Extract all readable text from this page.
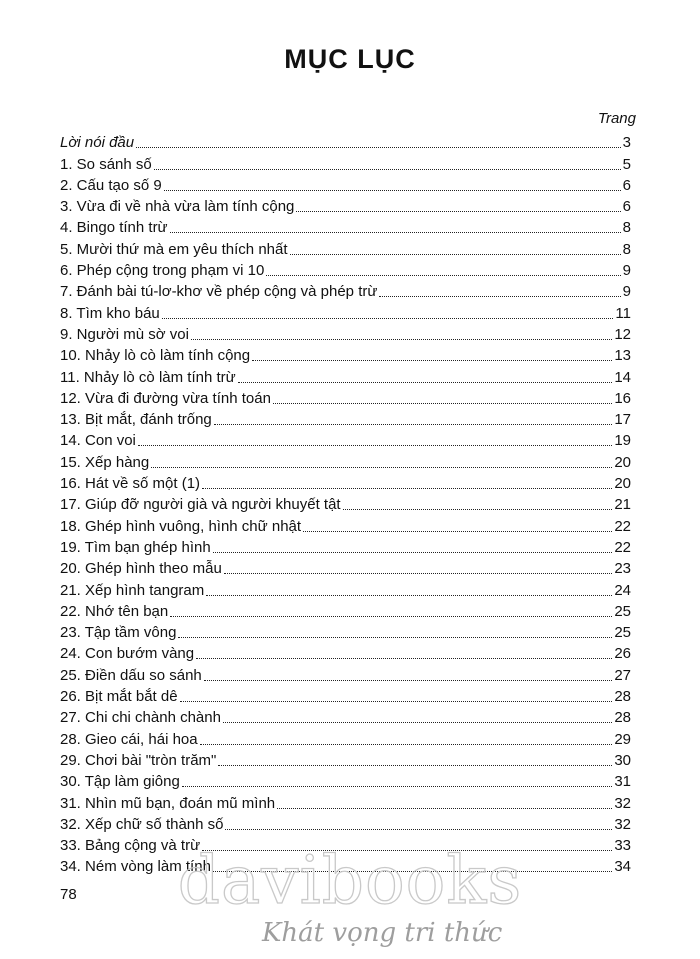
MỤC LỤC
Trang
Lời nói đầu	3
1. So sánh số	5
2. Cấu tạo số 9	6
3. Vừa đi về nhà vừa làm tính cộng	6
4. Bingo tính trừ	8
5. Mười thứ mà em yêu thích nhất	8
6. Phép cộng trong phạm vi 10	9
7. Đánh bài tú-lơ-khơ về phép cộng và phép trừ	9
8. Tìm kho báu	11
9. Người mù sờ voi	12
10. Nhảy lò cò làm tính cộng	13
11. Nhảy lò cò làm tính trừ	14
12. Vừa đi đường vừa tính toán	16
13. Bịt mắt, đánh trống	17
14. Con voi	19
15. Xếp hàng	20
16. Hát về số một (1)	20
17. Giúp đỡ người già và người khuyết tật	21
18. Ghép hình vuông, hình chữ nhật	22
19. Tìm bạn ghép hình	22
20. Ghép hình theo mẫu	23
21. Xếp hình tangram	24
22. Nhớ tên bạn	25
23. Tập tầm vông	25
24. Con bướm vàng	26
25. Điền dấu so sánh	27
26. Bịt mắt bắt dê	28
27. Chi chi chành chành	28
28. Gieo cái, hái hoa	29
29. Chơi bài "tròn trăm"	30
30. Tập làm giông	31
31. Nhìn mũ bạn, đoán mũ mình	32
32. Xếp chữ số thành số	32
33. Bảng cộng và trừ	33
34. Ném vòng làm tính	34
78	davibooks
Khát vọng tri thức
